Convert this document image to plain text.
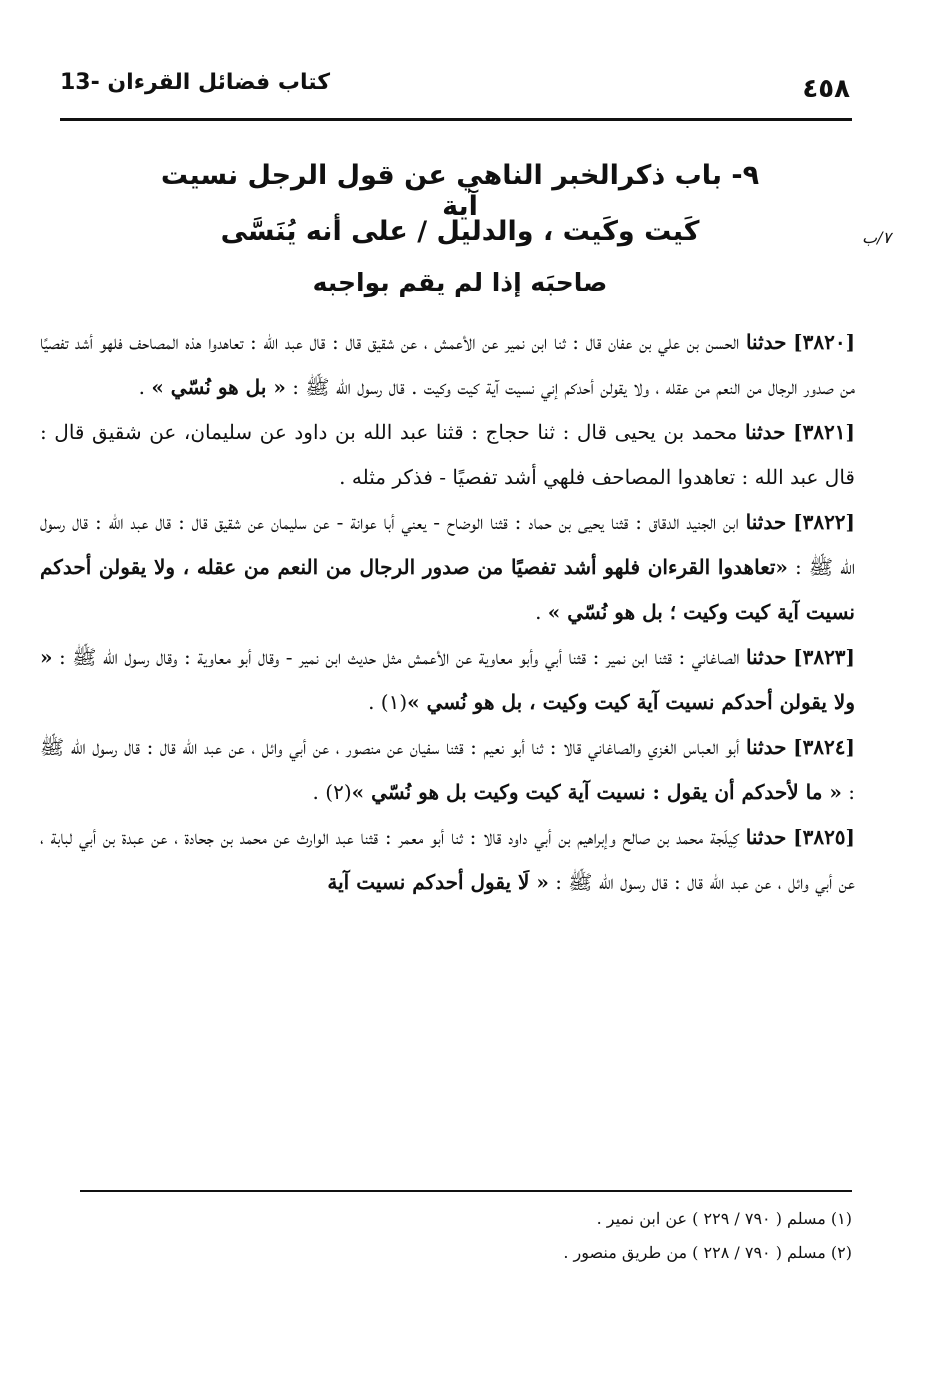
13- كتاب فضائل القرءان	٤٥٨
٧/ب
٩- باب ذكرالخبر الناهي عن قول الرجل نسيت آية
كَيت وكَيت ، والدليل / على أنه يُنَسَّى
صاحبَه إذا لم يقم بواجبه

[٣٨٢٠] حدثنا الحسن بن علي بن عفان قال : ثنا ابن نمير عن الأعمش ، عن شقيق قال : قال عبد الله : تعاهدوا هذه المصاحف فلهو أشد تفصيًا من صدور الرجال من النعم من عقله ، ولا يقولن أحدكم إني نسيت آية كيت وكيت . قال رسول الله ﷺ : « بل هو نُسّي » .

[٣٨٢١] حدثنا محمد بن يحيى قال : ثنا حجاج : قثنا عبد الله بن داود عن سليمان، عن شقيق قال : قال عبد الله : تعاهدوا المصاحف فلهي أشد تفصيًا - فذكر مثله .

[٣٨٢٢] حدثنا ابن الجنيد الدقاق : قثنا يحيى بن حماد : قثنا الوضاح - يعني أبا عوانة - عن سليمان عن شقيق قال : قال عبد الله : قال رسول الله ﷺ : «تعاهدوا القرءان فلهو أشد تفصيًا من صدور الرجال من النعم من عقله ، ولا يقولن أحدكم نسيت آية كيت وكيت ؛ بل هو نُسّي » .

[٣٨٢٣] حدثنا الصاغاني : قثنا ابن نمير : قثنا أبي وأبو معاوية عن الأعمش مثل حديث ابن نمير - وقال أبو معاوية : وقال رسول الله ﷺ : « ولا يقولن أحدكم نسيت آية كيت وكيت ، بل هو نُسي »(١) .

[٣٨٢٤] حدثنا أبو العباس الغزي والصاغاني قالا : ثنا أبو نعيم : قثنا سفيان عن منصور ، عن أبي وائل ، عن عبد الله قال : قال رسول الله ﷺ : « ما لأحدكم أن يقول : نسيت آية كيت وكيت بل هو نُسّي »(٢) .

[٣٨٢٥] حدثنا كِيلَجة محمد بن صالح وإبراهيم بن أبي داود قالا : ثنا أبو معمر : قثنا عبد الوارث عن محمد بن جحادة ، عن عبدة بن أبي لبابة ، عن أبي وائل ، عن عبد الله قال : قال رسول الله ﷺ : « لَا يقول أحدكم نسيت آية

(١) مسلم ( ٧٩٠ / ٢٢٩ ) عن ابن نمير .
(٢) مسلم ( ٧٩٠ / ٢٢٨ ) من طريق منصور .
